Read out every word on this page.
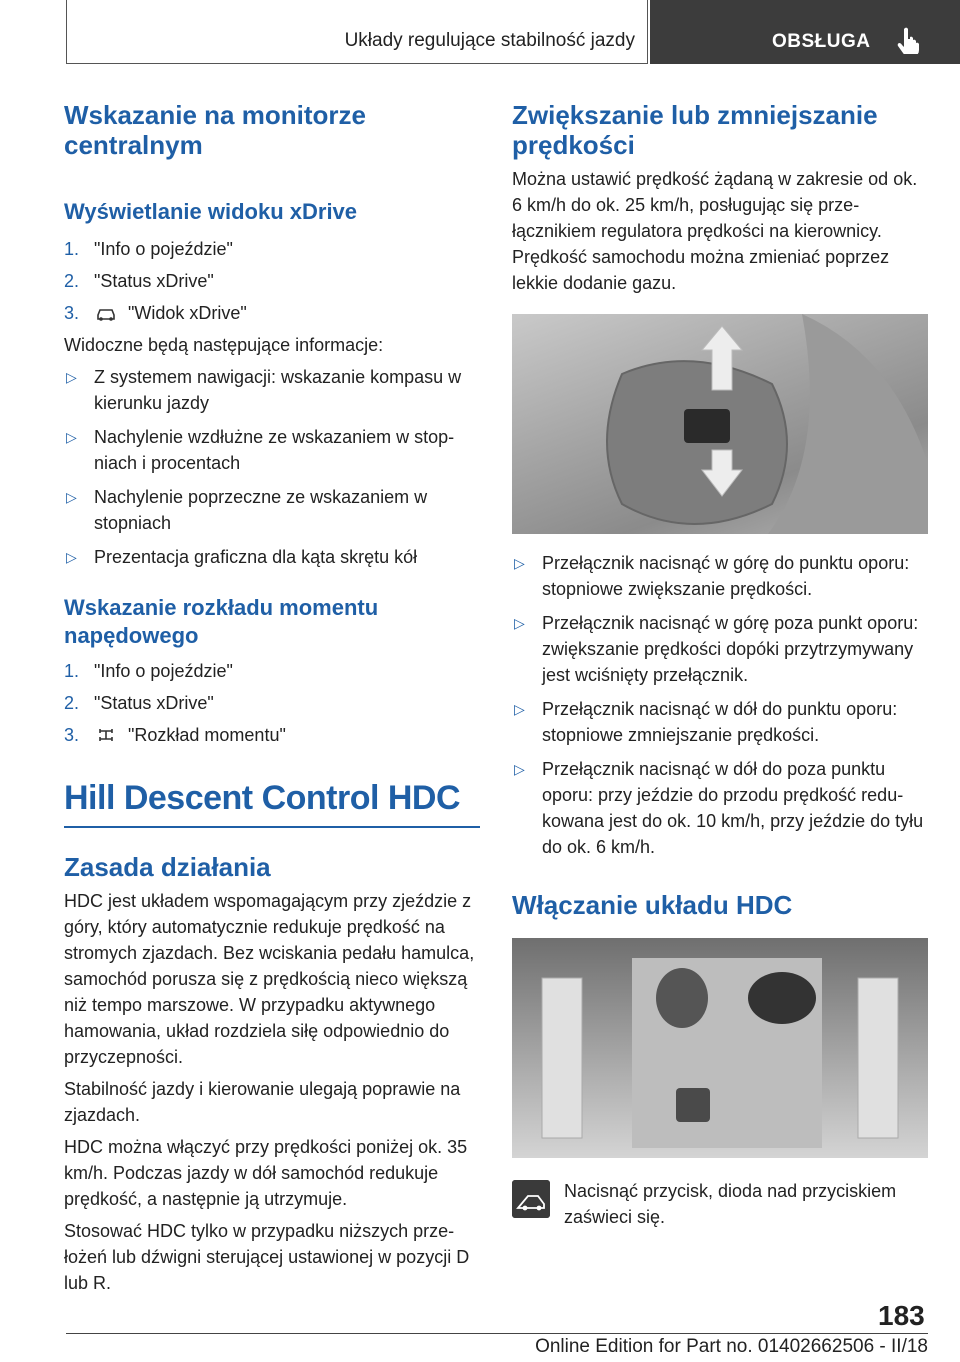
Układy regulujące stabilność jazdy	OBSŁUGA
Wskazanie na monitorze centralnym
Wyświetlanie widoku xDrive
1. "Info o pojeździe"
2. "Status xDrive"
3.	"Widok xDrive"

Widoczne będą następujące informacje:

▷ Z systemem nawigacji: wskazanie kompasu w kierunku jazdy
▷ Nachylenie wzdłużne ze wskazaniem w stopniach i procentach
▷ Nachylenie poprzeczne ze wskazaniem w stopniach
▷ Prezentacja graficzna dla kąta skrętu kół
Wskazanie rozkładu momentu napędowego
1. "Info o pojeździe"
2. "Status xDrive"
3.	"Rozkład momentu"
Hill Descent Control HDC
Zasada działania

HDC jest układem wspomagającym przy zjeździe z góry, który automatycznie redukuje prędkość na stromych zjazdach. Bez wciskania pedału hamulca, samochód porusza się z prędkością nieco większą niż tempo marszowe. W przypadku aktywnego hamowania, układ rozdziela siłę odpowiednio do przyczepności.

Stabilność jazdy i kierowanie ulegają poprawie na zjazdach.

HDC można włączyć przy prędkości poniżej ok. 35 km/h. Podczas jazdy w dół samochód redukuje prędkość, a następnie ją utrzymuje.

Stosować HDC tylko w przypadku niższych przełożeń lub dźwigni sterującej ustawionej w pozycji D lub R.

Zwiększanie lub zmniejszanie prędkości

Można ustawić prędkość żądaną w zakresie od ok. 6 km/h do ok. 25 km/h, posługując się przełącznikiem regulatora prędkości na kierownicy. Prędkość samochodu można zmieniać poprzez lekkie dodanie gazu.

▷ Przełącznik nacisnąć w górę do punktu oporu: stopniowe zwiększanie prędkości.
▷ Przełącznik nacisnąć w górę poza punkt oporu: zwiększanie prędkości dopóki przytrzymywany jest wciśnięty przełącznik.
▷ Przełącznik nacisnąć w dół do punktu oporu: stopniowe zmniejszanie prędkości.
▷ Przełącznik nacisnąć w dół do poza punktu oporu: przy jeździe do przodu prędkość redukowana jest do ok. 10 km/h, przy jeździe do tyłu do ok. 6 km/h.
Włączanie układu HDC
Nacisnąć przycisk, dioda nad przyciskiem zaświeci się.
183
Online Edition for Part no. 01402662506 - II/18
